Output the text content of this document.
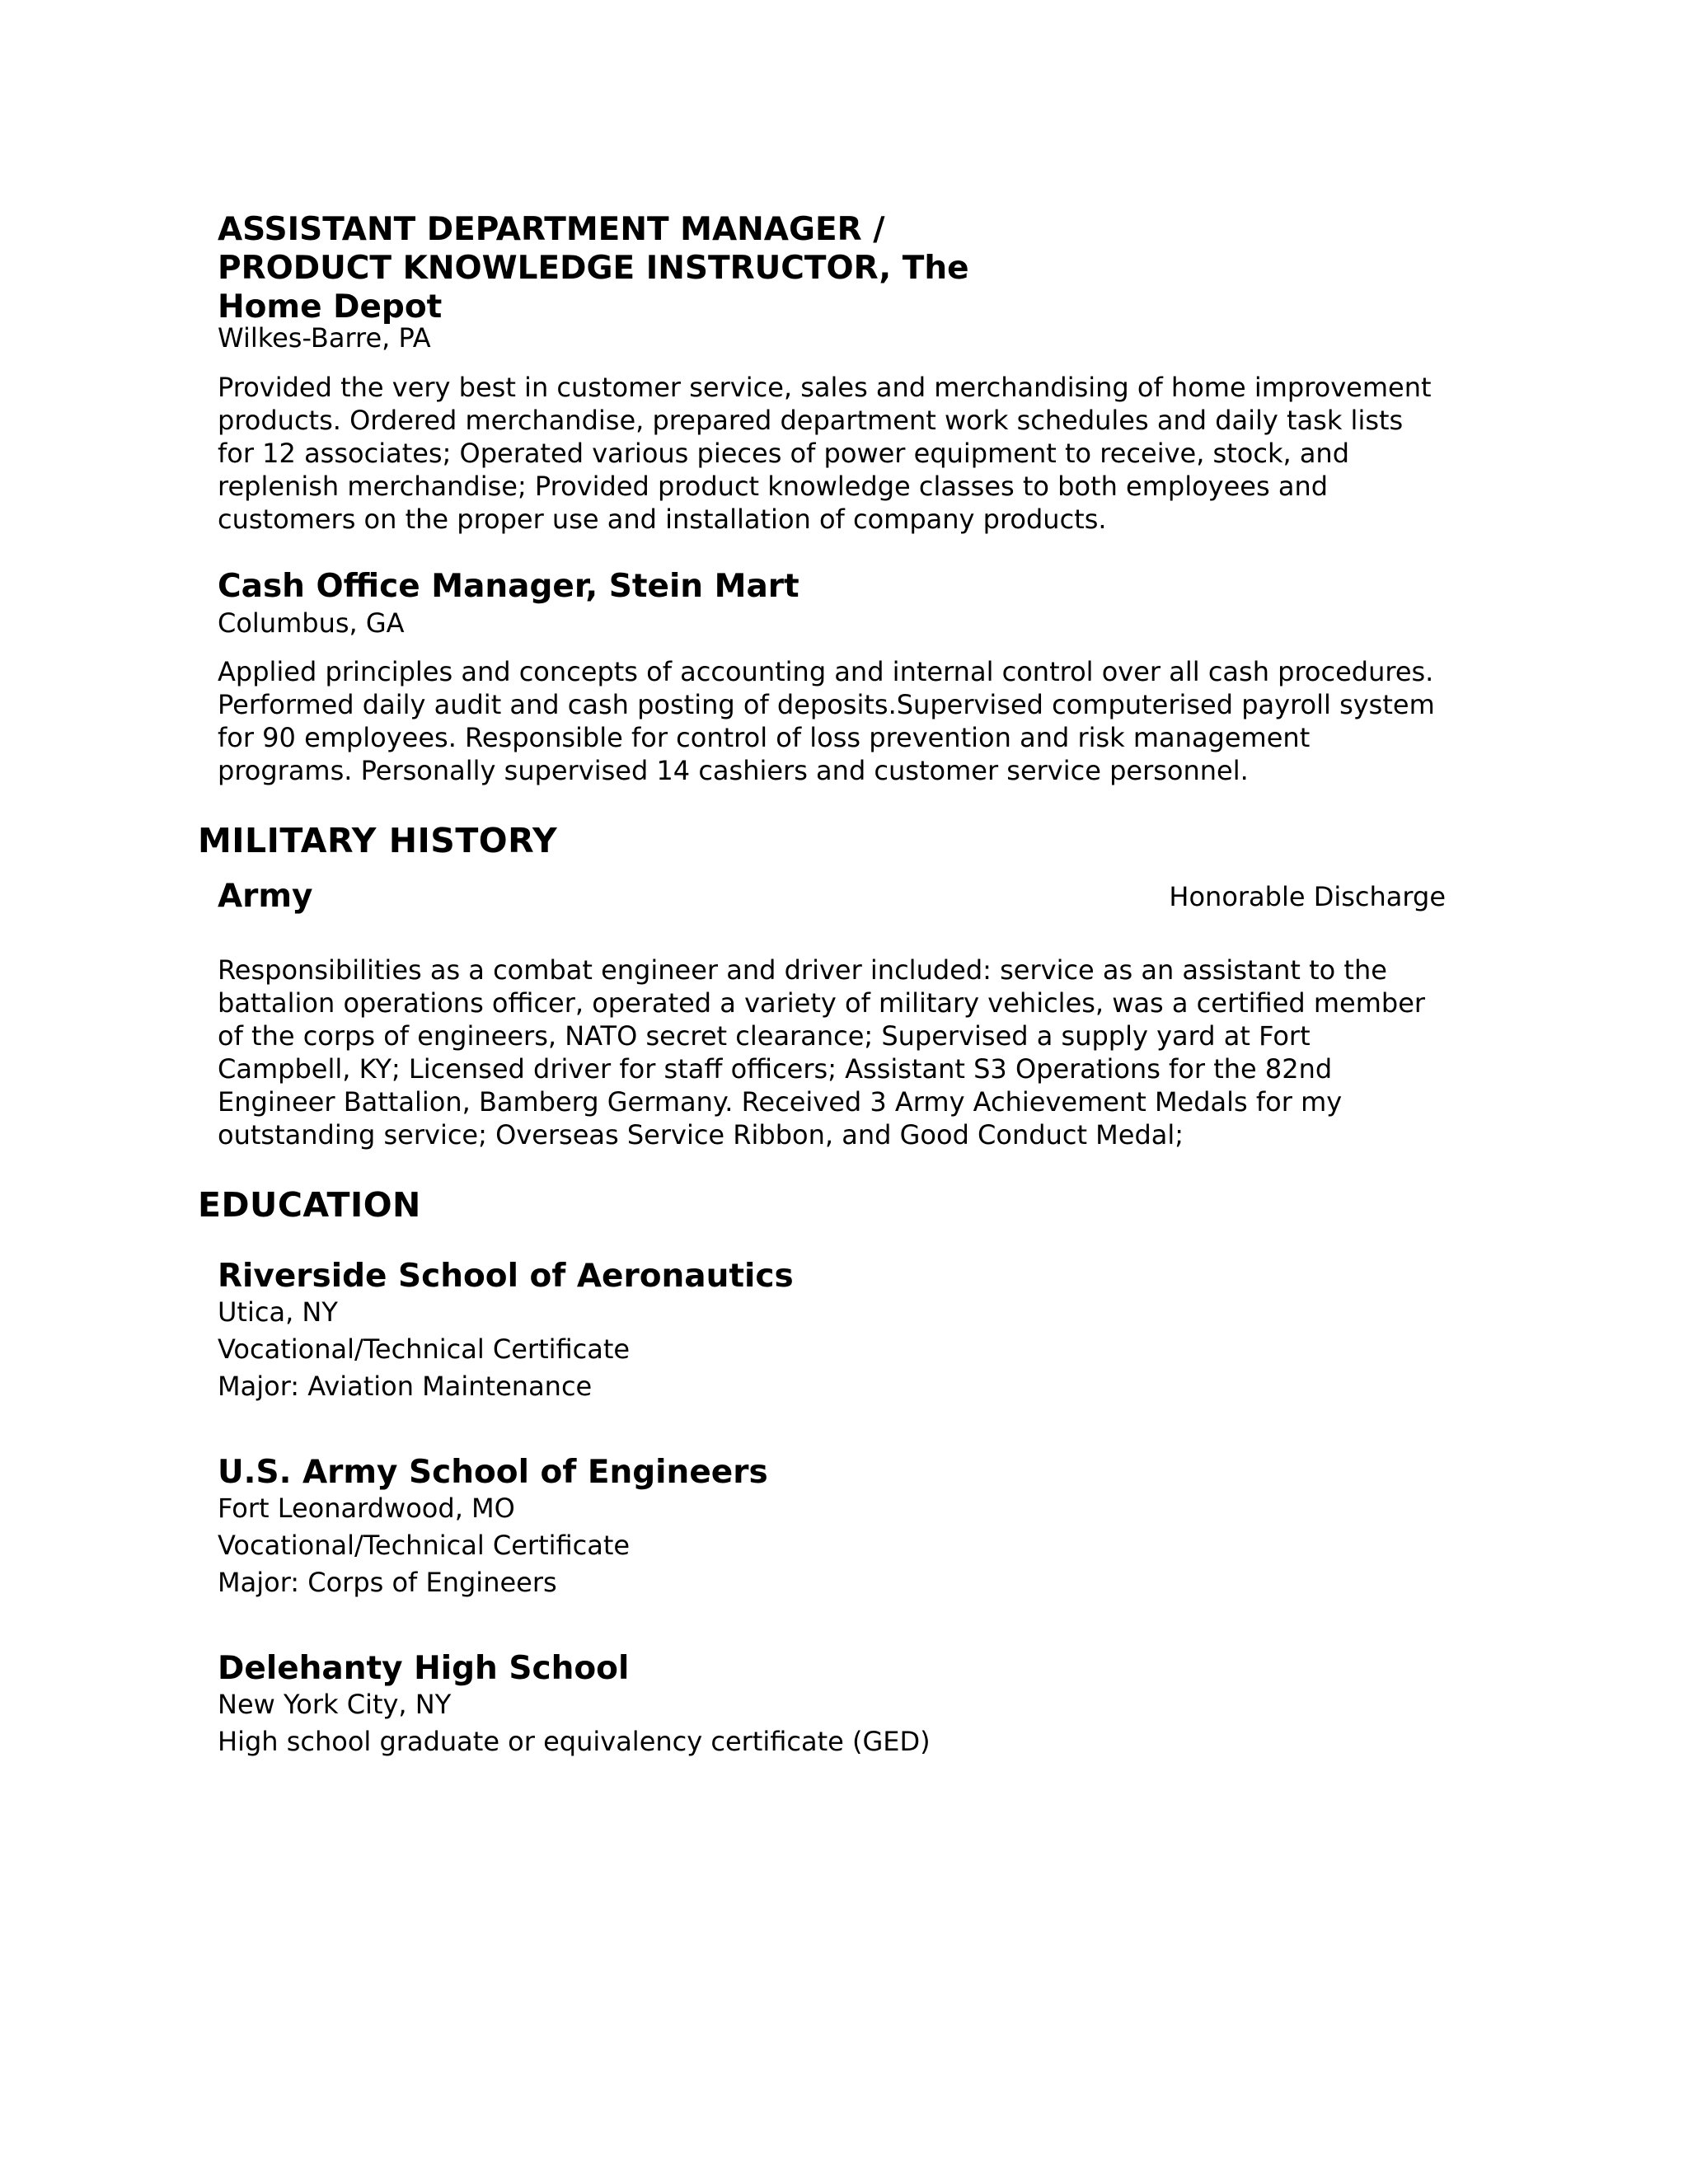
ASSISTANT DEPARTMENT MANAGER /
PRODUCT KNOWLEDGE INSTRUCTOR, The
Home Depot
Wilkes-Barre, PA
Provided the very best in customer service, sales and merchandising of home improvement
products. Ordered merchandise, prepared department work schedules and daily task lists
for 12 associates; Operated various pieces of power equipment to receive, stock, and
replenish merchandise; Provided product knowledge classes to both employees and
customers on the proper use and installation of company products.
Cash Office Manager, Stein Mart
Columbus, GA
Applied principles and concepts of accounting and internal control over all cash procedures.
Performed daily audit and cash posting of deposits.Supervised computerised payroll system
for 90 employees. Responsible for control of loss prevention and risk management
programs. Personally supervised 14 cashiers and customer service personnel.
MILITARY HISTORY
Army	Honorable Discharge
Responsibilities as a combat engineer and driver included: service as an assistant to the
battalion operations officer, operated a variety of military vehicles, was a certified member
of the corps of engineers, NATO secret clearance; Supervised a supply yard at Fort
Campbell, KY; Licensed driver for staff officers; Assistant S3 Operations for the 82nd
Engineer Battalion, Bamberg Germany. Received 3 Army Achievement Medals for my
outstanding service; Overseas Service Ribbon, and Good Conduct Medal;
EDUCATION
Riverside School of Aeronautics
Utica, NY
Vocational/Technical Certificate
Major: Aviation Maintenance
U.S. Army School of Engineers
Fort Leonardwood, MO
Vocational/Technical Certificate
Major: Corps of Engineers
Delehanty High School
New York City, NY
High school graduate or equivalency certificate (GED)
